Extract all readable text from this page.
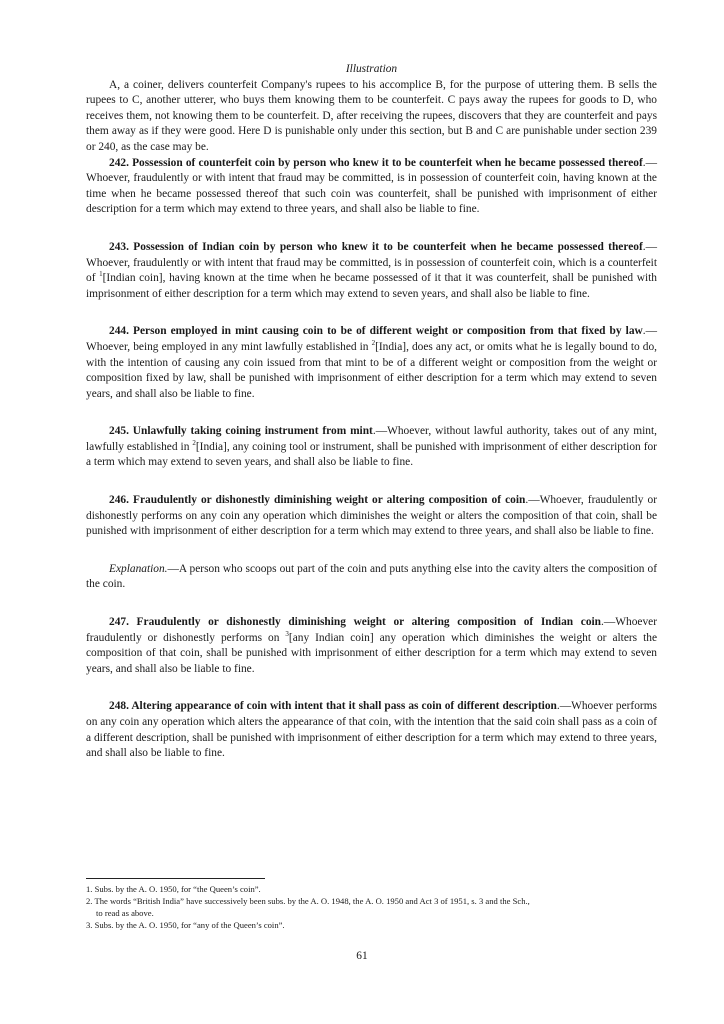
Illustration

A, a coiner, delivers counterfeit Company's rupees to his accomplice B, for the purpose of uttering them. B sells the rupees to C, another utterer, who buys them knowing them to be counterfeit. C pays away the rupees for goods to D, who receives them, not knowing them to be counterfeit. D, after receiving the rupees, discovers that they are counterfeit and pays them away as if they were good. Here D is punishable only under this section, but B and C are punishable under section 239 or 240, as the case may be.

242. Possession of counterfeit coin by person who knew it to be counterfeit when he became possessed thereof.—Whoever, fraudulently or with intent that fraud may be committed, is in possession of counterfeit coin, having known at the time when he became possessed thereof that such coin was counterfeit, shall be punished with imprisonment of either description for a term which may extend to three years, and shall also be liable to fine.

243. Possession of Indian coin by person who knew it to be counterfeit when he became possessed thereof.—Whoever, fraudulently or with intent that fraud may be committed, is in possession of counterfeit coin, which is a counterfeit of $^1$[Indian coin], having known at the time when he became possessed of it that it was counterfeit, shall be punished with imprisonment of either description for a term which may extend to seven years, and shall also be liable to fine.

244. Person employed in mint causing coin to be of different weight or composition from that fixed by law.—Whoever, being employed in any mint lawfully established in $^2$[India], does any act, or omits what he is legally bound to do, with the intention of causing any coin issued from that mint to be of a different weight or composition from the weight or composition fixed by law, shall be punished with imprisonment of either description for a term which may extend to seven years, and shall also be liable to fine.

245. Unlawfully taking coining instrument from mint.—Whoever, without lawful authority, takes out of any mint, lawfully established in $^2$[India], any coining tool or instrument, shall be punished with imprisonment of either description for a term which may extend to seven years, and shall also be liable to fine.

246. Fraudulently or dishonestly diminishing weight or altering composition of coin.—Whoever, fraudulently or dishonestly performs on any coin any operation which diminishes the weight or alters the composition of that coin, shall be punished with imprisonment of either description for a term which may extend to three years, and shall also be liable to fine.

Explanation.—A person who scoops out part of the coin and puts anything else into the cavity alters the composition of the coin.

247. Fraudulently or dishonestly diminishing weight or altering composition of Indian coin.—Whoever fraudulently or dishonestly performs on $^3$[any Indian coin] any operation which diminishes the weight or alters the composition of that coin, shall be punished with imprisonment of either description for a term which may extend to seven years, and shall also be liable to fine.

248. Altering appearance of coin with intent that it shall pass as coin of different description.—Whoever performs on any coin any operation which alters the appearance of that coin, with the intention that the said coin shall pass as a coin of a different description, shall be punished with imprisonment of either description for a term which may extend to three years, and shall also be liable to fine.

1. Subs. by the A. O. 1950, for “the Queen’s coin”.
2. The words “British India” have successively been subs. by the A. O. 1948, the A. O. 1950 and Act 3 of 1951, s. 3 and the Sch.,
to read as above.
3. Subs. by the A. O. 1950, for “any of the Queen’s coin”.
61
